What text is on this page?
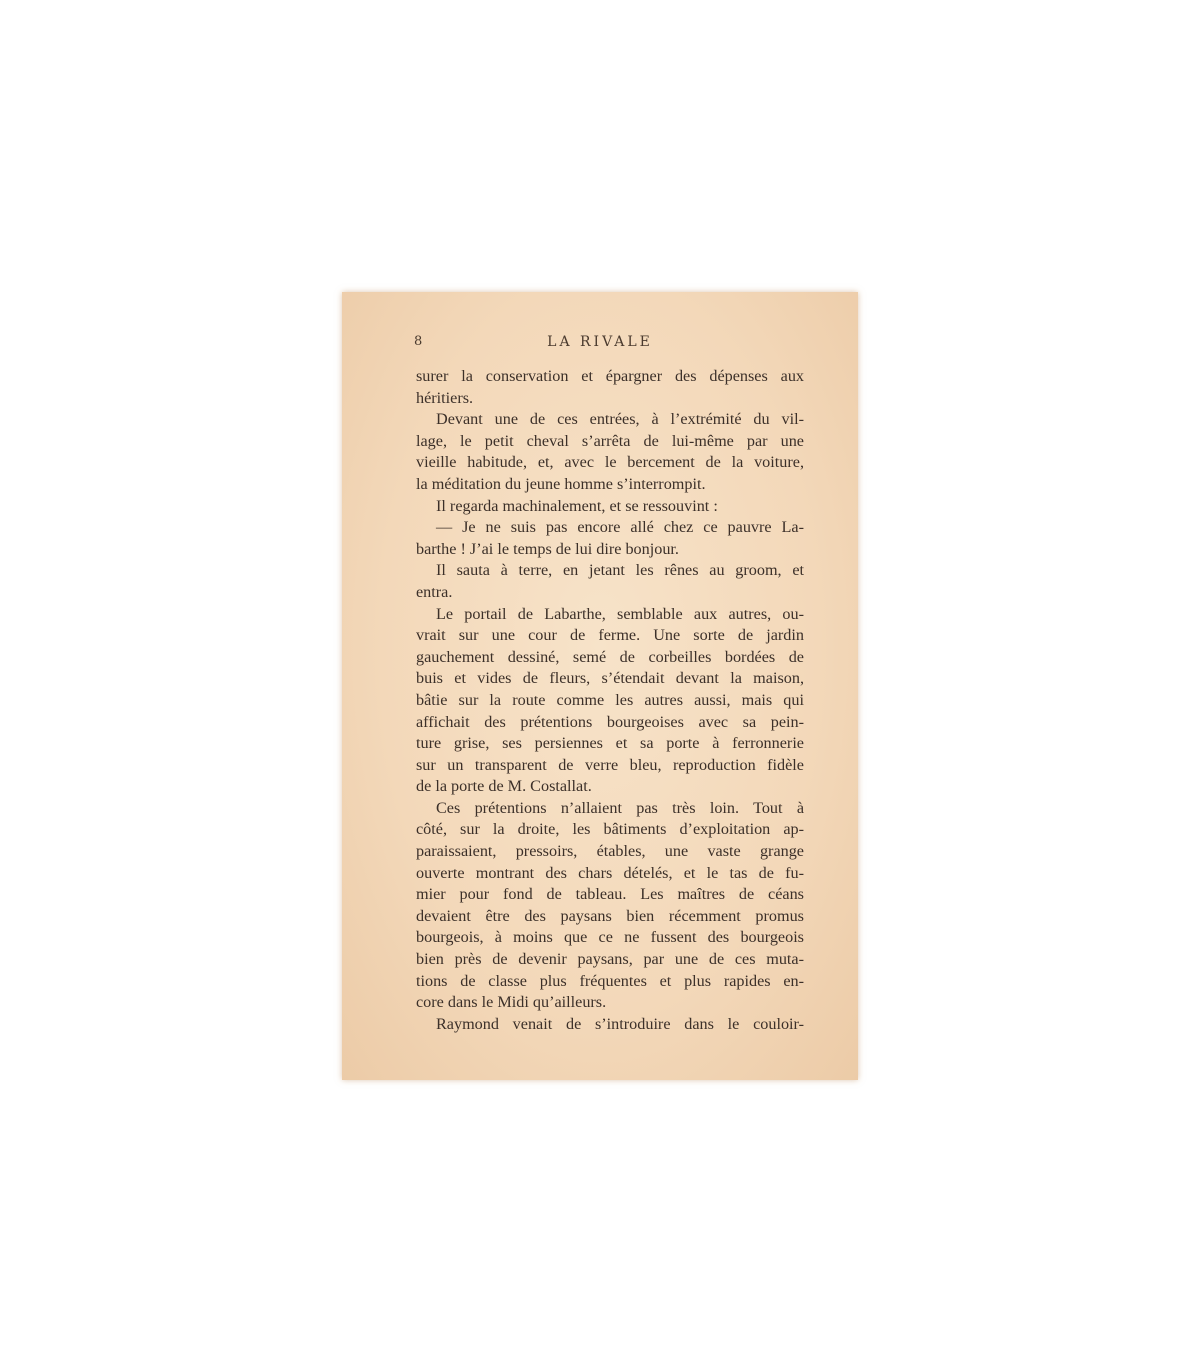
8	LA RIVALE
surer la conservation et épargner des dépenses aux
héritiers.
Devant une de ces entrées, à l’extrémité du vil-
lage, le petit cheval s’arrêta de lui-même par une
vieille habitude, et, avec le bercement de la voiture,
la méditation du jeune homme s’interrompit.
Il regarda machinalement, et se ressouvint :
— Je ne suis pas encore allé chez ce pauvre La-
barthe ! J’ai le temps de lui dire bonjour.
Il sauta à terre, en jetant les rênes au groom, et
entra.
Le portail de Labarthe, semblable aux autres, ou-
vrait sur une cour de ferme. Une sorte de jardin
gauchement dessiné, semé de corbeilles bordées de
buis et vides de fleurs, s’étendait devant la maison,
bâtie sur la route comme les autres aussi, mais qui
affichait des prétentions bourgeoises avec sa pein-
ture grise, ses persiennes et sa porte à ferronnerie
sur un transparent de verre bleu, reproduction fidèle
de la porte de M. Costallat.
Ces prétentions n’allaient pas très loin. Tout à
côté, sur la droite, les bâtiments d’exploitation ap-
paraissaient, pressoirs, étables, une vaste grange
ouverte montrant des chars dételés, et le tas de fu-
mier pour fond de tableau. Les maîtres de céans
devaient être des paysans bien récemment promus
bourgeois, à moins que ce ne fussent des bourgeois
bien près de devenir paysans, par une de ces muta-
tions de classe plus fréquentes et plus rapides en-
core dans le Midi qu’ailleurs.
Raymond venait de s’introduire dans le couloir-
